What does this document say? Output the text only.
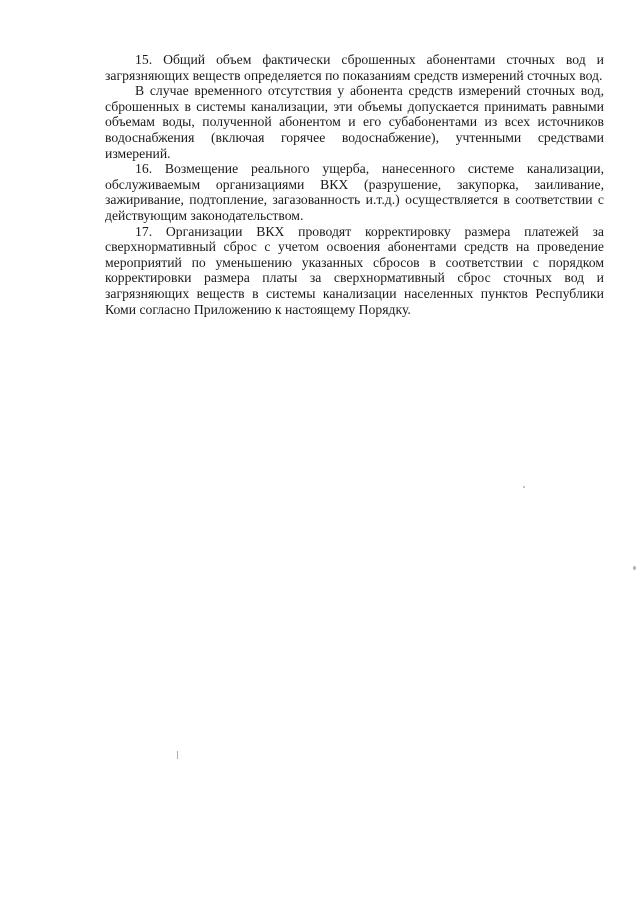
15. Общий объем фактически сброшенных абонентами сточных вод и загрязняющих веществ определяется по показаниям средств измерений сточных вод.

В случае временного отсутствия у абонента средств измерений сточных вод, сброшенных в системы канализации, эти объемы допускается принимать равными объемам воды, полученной абонентом и его субабонентами из всех источников водоснабжения (включая горячее водоснабжение), учтенными средствами измерений.

16. Возмещение реального ущерба, нанесенного системе канализации, обслуживаемым организациями ВКХ (разрушение, закупорка, заиливание, зажиривание, подтопление, загазованность и.т.д.) осуществляется в соответствии с действующим законодательством.

17. Организации ВКХ проводят корректировку размера платежей за сверхнормативный сброс с учетом освоения абонентами средств на проведение мероприятий по уменьшению указанных сбросов в соответствии с порядком корректировки размера платы за сверхнормативный сброс сточных вод и загрязняющих веществ в системы канализации населенных пунктов Республики Коми согласно Приложению к настоящему Порядку.
